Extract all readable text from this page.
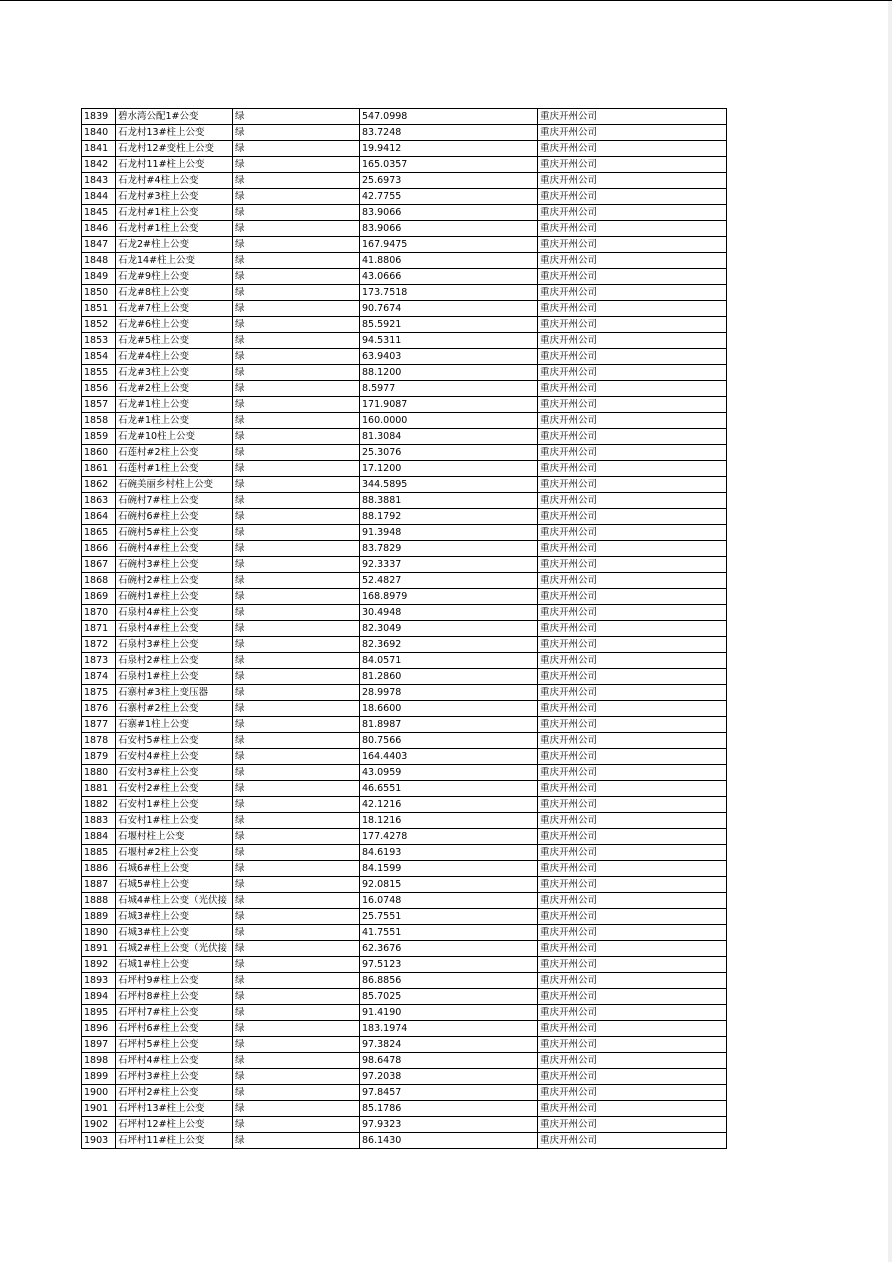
1839	碧水湾公配1#公变	绿	547.0998	重庆开州公司
1840	石龙村13#柱上公变	绿	83.7248	重庆开州公司
1841	石龙村12#变柱上公变	绿	19.9412	重庆开州公司
1842	石龙村11#柱上公变	绿	165.0357	重庆开州公司
1843	石龙村#4柱上公变	绿	25.6973	重庆开州公司
1844	石龙村#3柱上公变	绿	42.7755	重庆开州公司
1845	石龙村#1柱上公变	绿	83.9066	重庆开州公司
1846	石龙村#1柱上公变	绿	83.9066	重庆开州公司
1847	石龙2#柱上公变	绿	167.9475	重庆开州公司
1848	石龙14#柱上公变	绿	41.8806	重庆开州公司
1849	石龙#9柱上公变	绿	43.0666	重庆开州公司
1850	石龙#8柱上公变	绿	173.7518	重庆开州公司
1851	石龙#7柱上公变	绿	90.7674	重庆开州公司
1852	石龙#6柱上公变	绿	85.5921	重庆开州公司
1853	石龙#5柱上公变	绿	94.5311	重庆开州公司
1854	石龙#4柱上公变	绿	63.9403	重庆开州公司
1855	石龙#3柱上公变	绿	88.1200	重庆开州公司
1856	石龙#2柱上公变	绿	8.5977	重庆开州公司
1857	石龙#1柱上公变	绿	171.9087	重庆开州公司
1858	石龙#1柱上公变	绿	160.0000	重庆开州公司
1859	石龙#10柱上公变	绿	81.3084	重庆开州公司
1860	石莲村#2柱上公变	绿	25.3076	重庆开州公司
1861	石莲村#1柱上公变	绿	17.1200	重庆开州公司
1862	石碗美丽乡村柱上公变	绿	344.5895	重庆开州公司
1863	石碗村7#柱上公变	绿	88.3881	重庆开州公司
1864	石碗村6#柱上公变	绿	88.1792	重庆开州公司
1865	石碗村5#柱上公变	绿	91.3948	重庆开州公司
1866	石碗村4#柱上公变	绿	83.7829	重庆开州公司
1867	石碗村3#柱上公变	绿	92.3337	重庆开州公司
1868	石碗村2#柱上公变	绿	52.4827	重庆开州公司
1869	石碗村1#柱上公变	绿	168.8979	重庆开州公司
1870	石泉村4#柱上公变	绿	30.4948	重庆开州公司
1871	石泉村4#柱上公变	绿	82.3049	重庆开州公司
1872	石泉村3#柱上公变	绿	82.3692	重庆开州公司
1873	石泉村2#柱上公变	绿	84.0571	重庆开州公司
1874	石泉村1#柱上公变	绿	81.2860	重庆开州公司
1875	石寨村#3柱上变压器	绿	28.9978	重庆开州公司
1876	石寨村#2柱上公变	绿	18.6600	重庆开州公司
1877	石寨#1柱上公变	绿	81.8987	重庆开州公司
1878	石安村5#柱上公变	绿	80.7566	重庆开州公司
1879	石安村4#柱上公变	绿	164.4403	重庆开州公司
1880	石安村3#柱上公变	绿	43.0959	重庆开州公司
1881	石安村2#柱上公变	绿	46.6551	重庆开州公司
1882	石安村1#柱上公变	绿	42.1216	重庆开州公司
1883	石安村1#柱上公变	绿	18.1216	重庆开州公司
1884	石堰村柱上公变	绿	177.4278	重庆开州公司
1885	石堰村#2柱上公变	绿	84.6193	重庆开州公司
1886	石城6#柱上公变	绿	84.1599	重庆开州公司
1887	石城5#柱上公变	绿	92.0815	重庆开州公司
1888	石城4#柱上公变（光伏接	绿	16.0748	重庆开州公司
1889	石城3#柱上公变	绿	25.7551	重庆开州公司
1890	石城3#柱上公变	绿	41.7551	重庆开州公司
1891	石城2#柱上公变（光伏接	绿	62.3676	重庆开州公司
1892	石城1#柱上公变	绿	97.5123	重庆开州公司
1893	石坪村9#柱上公变	绿	86.8856	重庆开州公司
1894	石坪村8#柱上公变	绿	85.7025	重庆开州公司
1895	石坪村7#柱上公变	绿	91.4190	重庆开州公司
1896	石坪村6#柱上公变	绿	183.1974	重庆开州公司
1897	石坪村5#柱上公变	绿	97.3824	重庆开州公司
1898	石坪村4#柱上公变	绿	98.6478	重庆开州公司
1899	石坪村3#柱上公变	绿	97.2038	重庆开州公司
1900	石坪村2#柱上公变	绿	97.8457	重庆开州公司
1901	石坪村13#柱上公变	绿	85.1786	重庆开州公司
1902	石坪村12#柱上公变	绿	97.9323	重庆开州公司
1903	石坪村11#柱上公变	绿	86.1430	重庆开州公司
